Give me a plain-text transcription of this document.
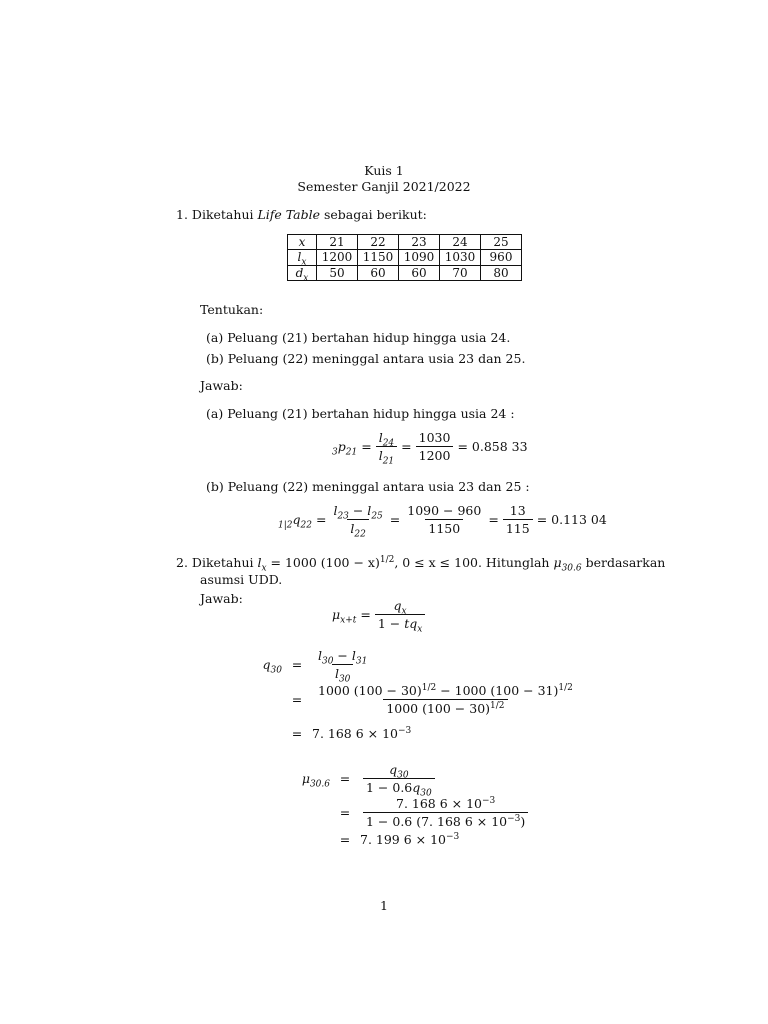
Kuis 1
Semester Ganjil 2021/2022
1. Diketahui Life Table sebagai berikut:
x	21	22	23	24	25
$l_x$	1200	1150	1090	1030	960
$d_x$	50	60	60	70	80
Tentukan:
(a) Peluang (21) bertahan hidup hingga usia 24.
(b) Peluang (22) meninggal antara usia 23 dan 25.
Jawab:
(a) Peluang (21) bertahan hidup hingga usia 24 :
$_3p_{21} = \frac{l_{24}}{l_{21}} = \frac{1030}{1200} = 0.858$ 33
(b) Peluang (22) meninggal antara usia 23 dan 25 :
$_{1|2}q_{22} = \frac{l_{23} - l_{25}}{l_{22}} = \frac{1090 - 960}{1150} = \frac{13}{115} = 0.113$ 04
2. Diketahui $l_x = 1000$ $(100 - x)^{1/2}$, 0 ≤ x ≤ 100. Hitunglah $\mu_{30.6}$ berdasarkan
asumsi UDD.
Jawab:
$\mu_{x+t} = \frac{q_x}{1 - tq_x}$
$q_{30}$ =	$\frac{l_{30} - l_{31}}{l_{30}}$
=	$\frac{1000 (100 - 30)^{1/2} - 1000 (100 - 31)^{1/2}}{1000 (100 - 30)^{1/2}}$
= 7. 168 $6 \times 10^{-3}$
$\mu_{30.6}$ =	$\frac{q_{30}}{1 - 0.6q_{30}}$
=	$\frac{7. 168 6 \times 10^{-3}}{1 - 0.6 (7. 168 6 \times 10^{-3})}$
= 7. 199 $6 \times 10^{-3}$
1
